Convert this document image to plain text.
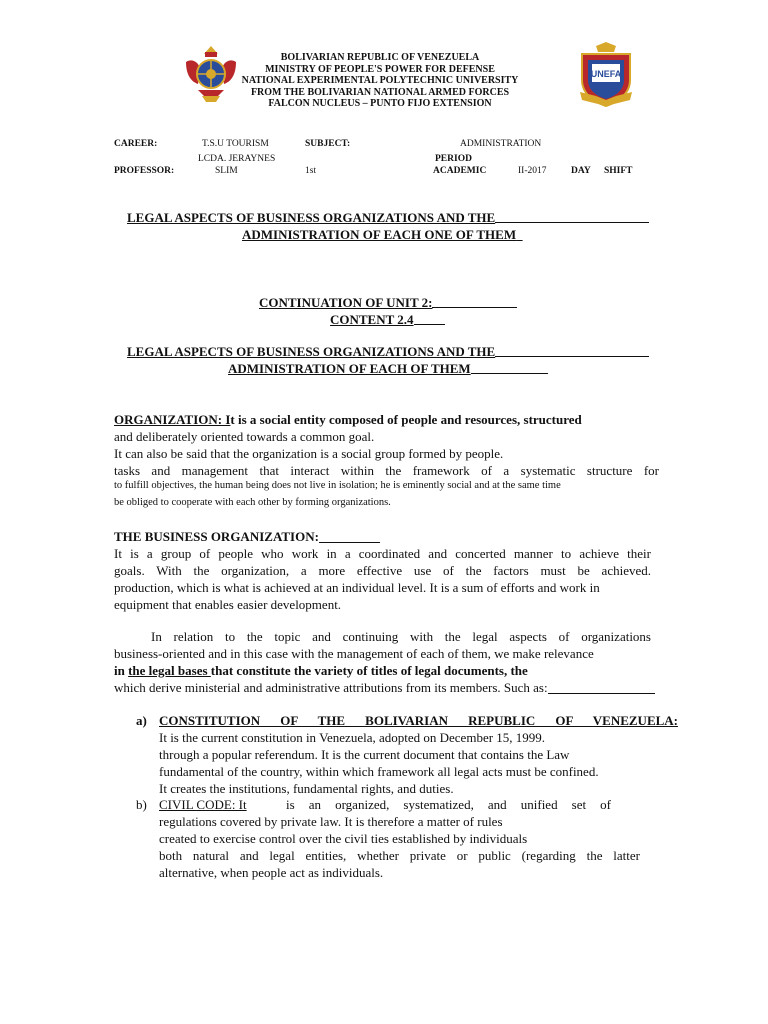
BOLIVARIAN REPUBLIC OF VENEZUELA
MINISTRY OF PEOPLE'S POWER FOR DEFENSE
NATIONAL EXPERIMENTAL POLYTECHNIC UNIVERSITY
FROM THE BOLIVARIAN NATIONAL ARMED FORCES
FALCON NUCLEUS – PUNTO FIJO EXTENSION
UNEFA
CAREER:	T.S.U TOURISM	SUBJECT:	ADMINISTRATION
LCDA. JERAYNES	PERIOD
PROFESSOR:	SLIM	1st	ACADEMIC	II-2017	DAY SHIFT
LEGAL ASPECTS OF BUSINESS ORGANIZATIONS AND THE
ADMINISTRATION OF EACH ONE OF THEM
CONTINUATION OF UNIT 2:
CONTENT 2.4
LEGAL ASPECTS OF BUSINESS ORGANIZATIONS AND THE
ADMINISTRATION OF EACH OF THEM
ORGANIZATION: It is a social entity composed of people and resources, structured
and deliberately oriented towards a common goal.
It can also be said that the organization is a social group formed by people.
tasks and management that interact within the framework of a systematic structure for
to fulfill objectives, the human being does not live in isolation; he is eminently social and at the same time
be obliged to cooperate with each other by forming organizations.
THE BUSINESS ORGANIZATION:
It is a group of people who work in a coordinated and concerted manner to achieve their
goals. With the organization, a more effective use of the factors must be achieved.
production, which is what is achieved at an individual level. It is a sum of efforts and work in
equipment that enables easier development.
In relation to the topic and continuing with the legal aspects of organizations
business-oriented and in this case with the management of each of them, we make relevance
in the legal bases that constitute the variety of titles of legal documents, the
which derive ministerial and administrative attributions from its members. Such as:
a) CONSTITUTION OF THE BOLIVARIAN REPUBLIC OF VENEZUELA:
It is the current constitution in Venezuela, adopted on December 15, 1999.
through a popular referendum. It is the current document that contains the Law
fundamental of the country, within which framework all legal acts must be confined.
It creates the institutions, fundamental rights, and duties.
b) CIVIL CODE: It	is an organized, systematized, and unified set of
regulations covered by private law. It is therefore a matter of rules
created to exercise control over the civil ties established by individuals
both natural and legal entities, whether private or public (regarding the latter
alternative, when people act as individuals.
